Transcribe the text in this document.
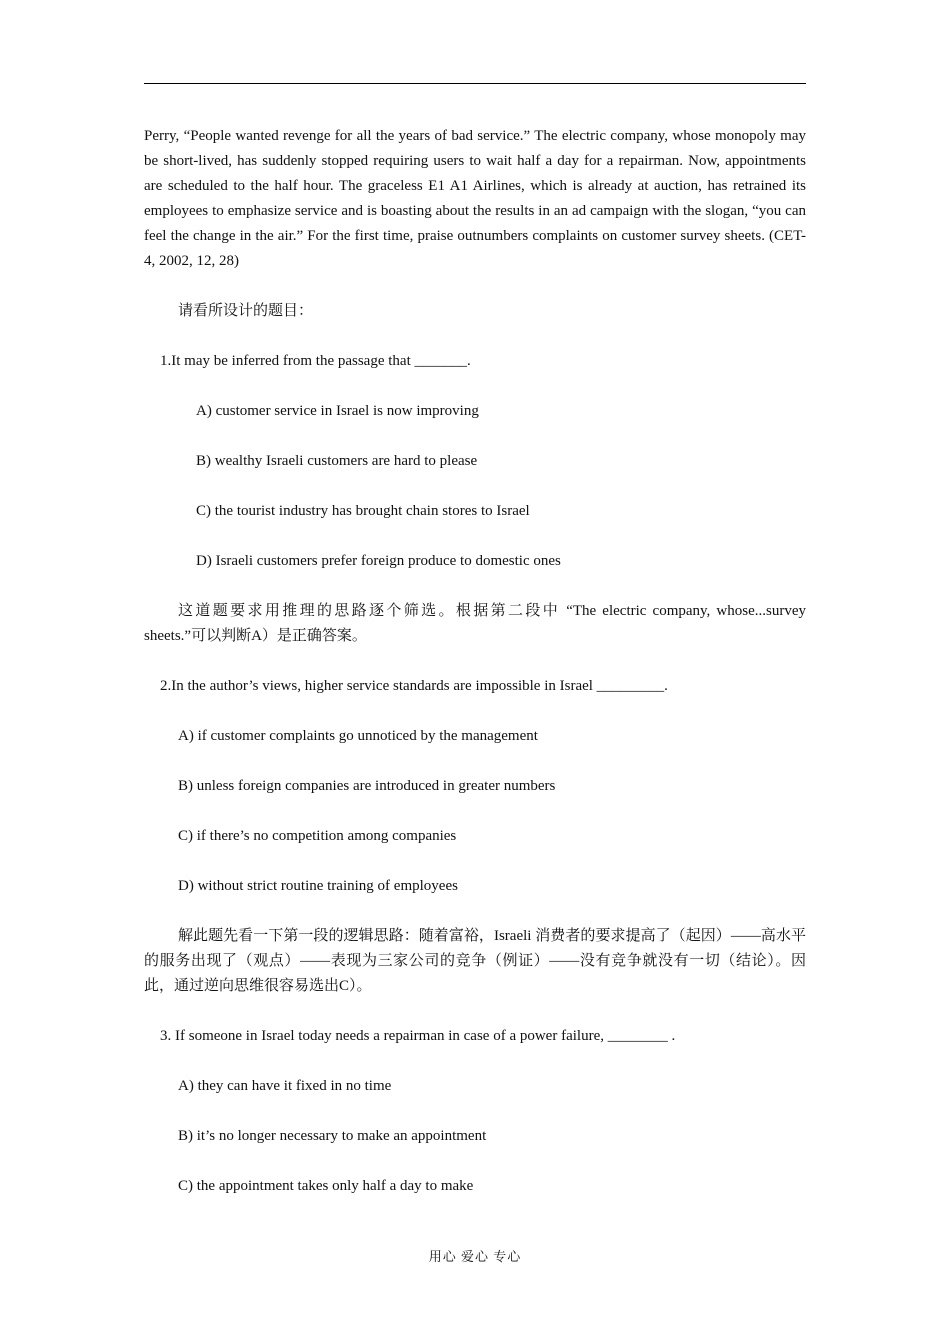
Perry, “People wanted revenge for all the years of bad service.” The electric company, whose monopoly may be short-lived, has suddenly stopped requiring users to wait half a day for a repairman. Now, appointments are scheduled to the half hour. The graceless E1 A1 Airlines, which is already at auction, has retrained its employees to emphasize service and is boasting about the results in an ad campaign with the slogan, “you can feel the change in the air.” For the first time, praise outnumbers complaints on customer survey sheets. (CET-4, 2002, 12, 28)

请看所设计的题目：

1.It may be inferred from the passage that _______.

A) customer service in Israel is now improving

B) wealthy Israeli customers are hard to please

C) the tourist industry has brought chain stores to Israel

D) Israeli customers prefer foreign produce to domestic ones

这道题要求用推理的思路逐个筛选。根据第二段中 “The electric company, whose...survey sheets.”可以判断A）是正确答案。

2.In the author’s views, higher service standards are impossible in Israel _________.

A) if customer complaints go unnoticed by the management

B) unless foreign companies are introduced in greater numbers

C) if there’s no competition among companies

D) without strict routine training of employees

解此题先看一下第一段的逻辑思路：随着富裕，Israeli 消费者的要求提高了（起因）——高水平的服务出现了（观点）——表现为三家公司的竞争（例证）——没有竞争就没有一切（结论）。因此，通过逆向思维很容易选出C）。

3. If someone in Israel today needs a repairman in case of a power failure, ________ .

A) they can have it fixed in no time

B) it’s no longer necessary to make an appointment

C) the appointment takes only half a day to make

用心 爱心 专心
